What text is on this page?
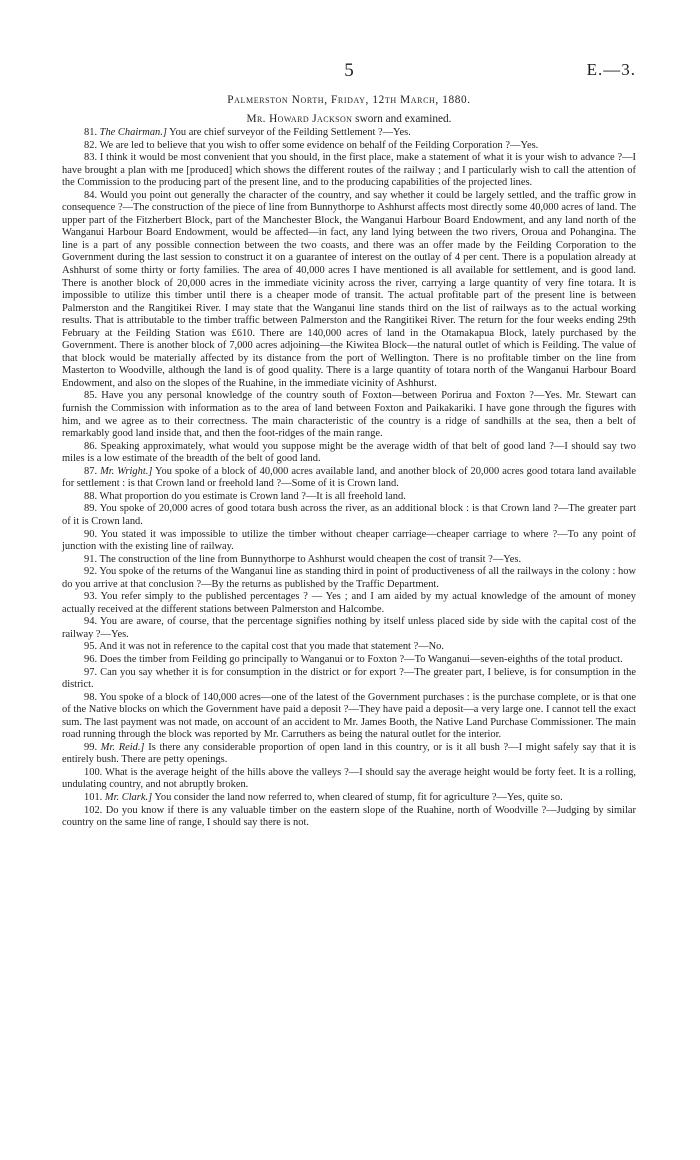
5	E.—3.
Palmerston North, Friday, 12th March, 1880.
Mr. Howard Jackson sworn and examined.

81. The Chairman.] You are chief surveyor of the Feilding Settlement ?—Yes.

82. We are led to believe that you wish to offer some evidence on behalf of the Feilding Corporation ?—Yes.

83. I think it would be most convenient that you should, in the first place, make a statement of what it is your wish to advance ?—I have brought a plan with me [produced] which shows the different routes of the railway ; and I particularly wish to call the attention of the Commission to the producing part of the present line, and to the producing capabilities of the projected lines.

84. Would you point out generally the character of the country, and say whether it could be largely settled, and the traffic grow in consequence ?—The construction of the piece of line from Bunnythorpe to Ashhurst affects most directly some 40,000 acres of land. The upper part of the Fitzherbert Block, part of the Manchester Block, the Wanganui Harbour Board Endowment, and any land north of the Wanganui Harbour Board Endowment, would be affected—in fact, any land lying between the two rivers, Oroua and Pohangina. The line is a part of any possible connection between the two coasts, and there was an offer made by the Feilding Corporation to the Government during the last session to construct it on a guarantee of interest on the outlay of 4 per cent. There is a population already at Ashhurst of some thirty or forty families. The area of 40,000 acres I have mentioned is all available for settlement, and is good land. There is another block of 20,000 acres in the immediate vicinity across the river, carrying a large quantity of very fine totara. It is impossible to utilize this timber until there is a cheaper mode of transit. The actual profitable part of the present line is between Palmerston and the Rangitikei River. I may state that the Wanganui line stands third on the list of railways as to the actual working results. That is attributable to the timber traffic between Palmerston and the Rangitikei River. The return for the four weeks ending 29th February at the Feilding Station was £610. There are 140,000 acres of land in the Otamakapua Block, lately purchased by the Government. There is another block of 7,000 acres adjoining—the Kiwitea Block—the natural outlet of which is Feilding. The value of that block would be materially affected by its distance from the port of Wellington. There is no profitable timber on the line from Masterton to Woodville, although the land is of good quality. There is a large quantity of totara north of the Wanganui Harbour Board Endowment, and also on the slopes of the Ruahine, in the immediate vicinity of Ashhurst.

85. Have you any personal knowledge of the country south of Foxton—between Porirua and Foxton ?—Yes. Mr. Stewart can furnish the Commission with information as to the area of land between Foxton and Paikakariki. I have gone through the figures with him, and we agree as to their correctness. The main characteristic of the country is a ridge of sandhills at the sea, then a belt of remarkably good land inside that, and then the foot-ridges of the main range.

86. Speaking approximately, what would you suppose might be the average width of that belt of good land ?—I should say two miles is a low estimate of the breadth of the belt of good land.

87. Mr. Wright.] You spoke of a block of 40,000 acres available land, and another block of 20,000 acres good totara land available for settlement : is that Crown land or freehold land ?—Some of it is Crown land.

88. What proportion do you estimate is Crown land ?—It is all freehold land.

89. You spoke of 20,000 acres of good totara bush across the river, as an additional block : is that Crown land ?—The greater part of it is Crown land.

90. You stated it was impossible to utilize the timber without cheaper carriage—cheaper carriage to where ?—To any point of junction with the existing line of railway.

91. The construction of the line from Bunnythorpe to Ashhurst would cheapen the cost of transit ?—Yes.

92. You spoke of the returns of the Wanganui line as standing third in point of productiveness of all the railways in the colony : how do you arrive at that conclusion ?—By the returns as published by the Traffic Department.

93. You refer simply to the published percentages ? — Yes ; and I am aided by my actual knowledge of the amount of money actually received at the different stations between Palmerston and Halcombe.

94. You are aware, of course, that the percentage signifies nothing by itself unless placed side by side with the capital cost of the railway ?—Yes.

95. And it was not in reference to the capital cost that you made that statement ?—No.

96. Does the timber from Feilding go principally to Wanganui or to Foxton ?—To Wanganui—seven-eighths of the total product.

97. Can you say whether it is for consumption in the district or for export ?—The greater part, I believe, is for consumption in the district.

98. You spoke of a block of 140,000 acres—one of the latest of the Government purchases : is the purchase complete, or is that one of the Native blocks on which the Government have paid a deposit ?—They have paid a deposit—a very large one. I cannot tell the exact sum. The last payment was not made, on account of an accident to Mr. James Booth, the Native Land Purchase Commissioner. The main road running through the block was reported by Mr. Carruthers as being the natural outlet for the interior.

99. Mr. Reid.] Is there any considerable proportion of open land in this country, or is it all bush ?—I might safely say that it is entirely bush. There are petty openings.

100. What is the average height of the hills above the valleys ?—I should say the average height would be forty feet. It is a rolling, undulating country, and not abruptly broken.

101. Mr. Clark.] You consider the land now referred to, when cleared of stump, fit for agriculture ?—Yes, quite so.

102. Do you know if there is any valuable timber on the eastern slope of the Ruahine, north of Woodville ?—Judging by similar country on the same line of range, I should say there is not.
